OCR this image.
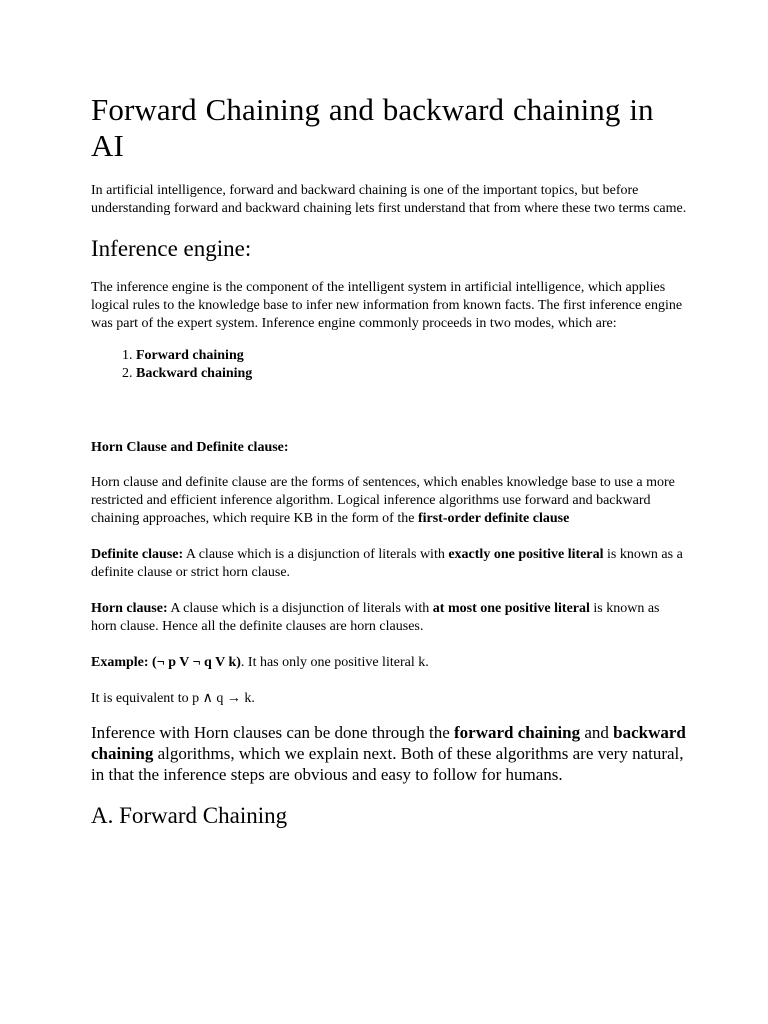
Forward Chaining and backward chaining in AI

In artificial intelligence, forward and backward chaining is one of the important topics, but before understanding forward and backward chaining lets first understand that from where these two terms came.

Inference engine:

The inference engine is the component of the intelligent system in artificial intelligence, which applies logical rules to the knowledge base to infer new information from known facts. The first inference engine was part of the expert system. Inference engine commonly proceeds in two modes, which are:

1. Forward chaining
2. Backward chaining

Horn Clause and Definite clause:

Horn clause and definite clause are the forms of sentences, which enables knowledge base to use a more restricted and efficient inference algorithm. Logical inference algorithms use forward and backward chaining approaches, which require KB in the form of the first-order definite clause

Definite clause: A clause which is a disjunction of literals with exactly one positive literal is known as a definite clause or strict horn clause.

Horn clause: A clause which is a disjunction of literals with at most one positive literal is known as horn clause. Hence all the definite clauses are horn clauses.

Example: (¬ p V ¬ q V k). It has only one positive literal k.

It is equivalent to p ∧ q → k.

Inference with Horn clauses can be done through the forward chaining and backward chaining algorithms, which we explain next. Both of these algorithms are very natural, in that the inference steps are obvious and easy to follow for humans.

A. Forward Chaining
